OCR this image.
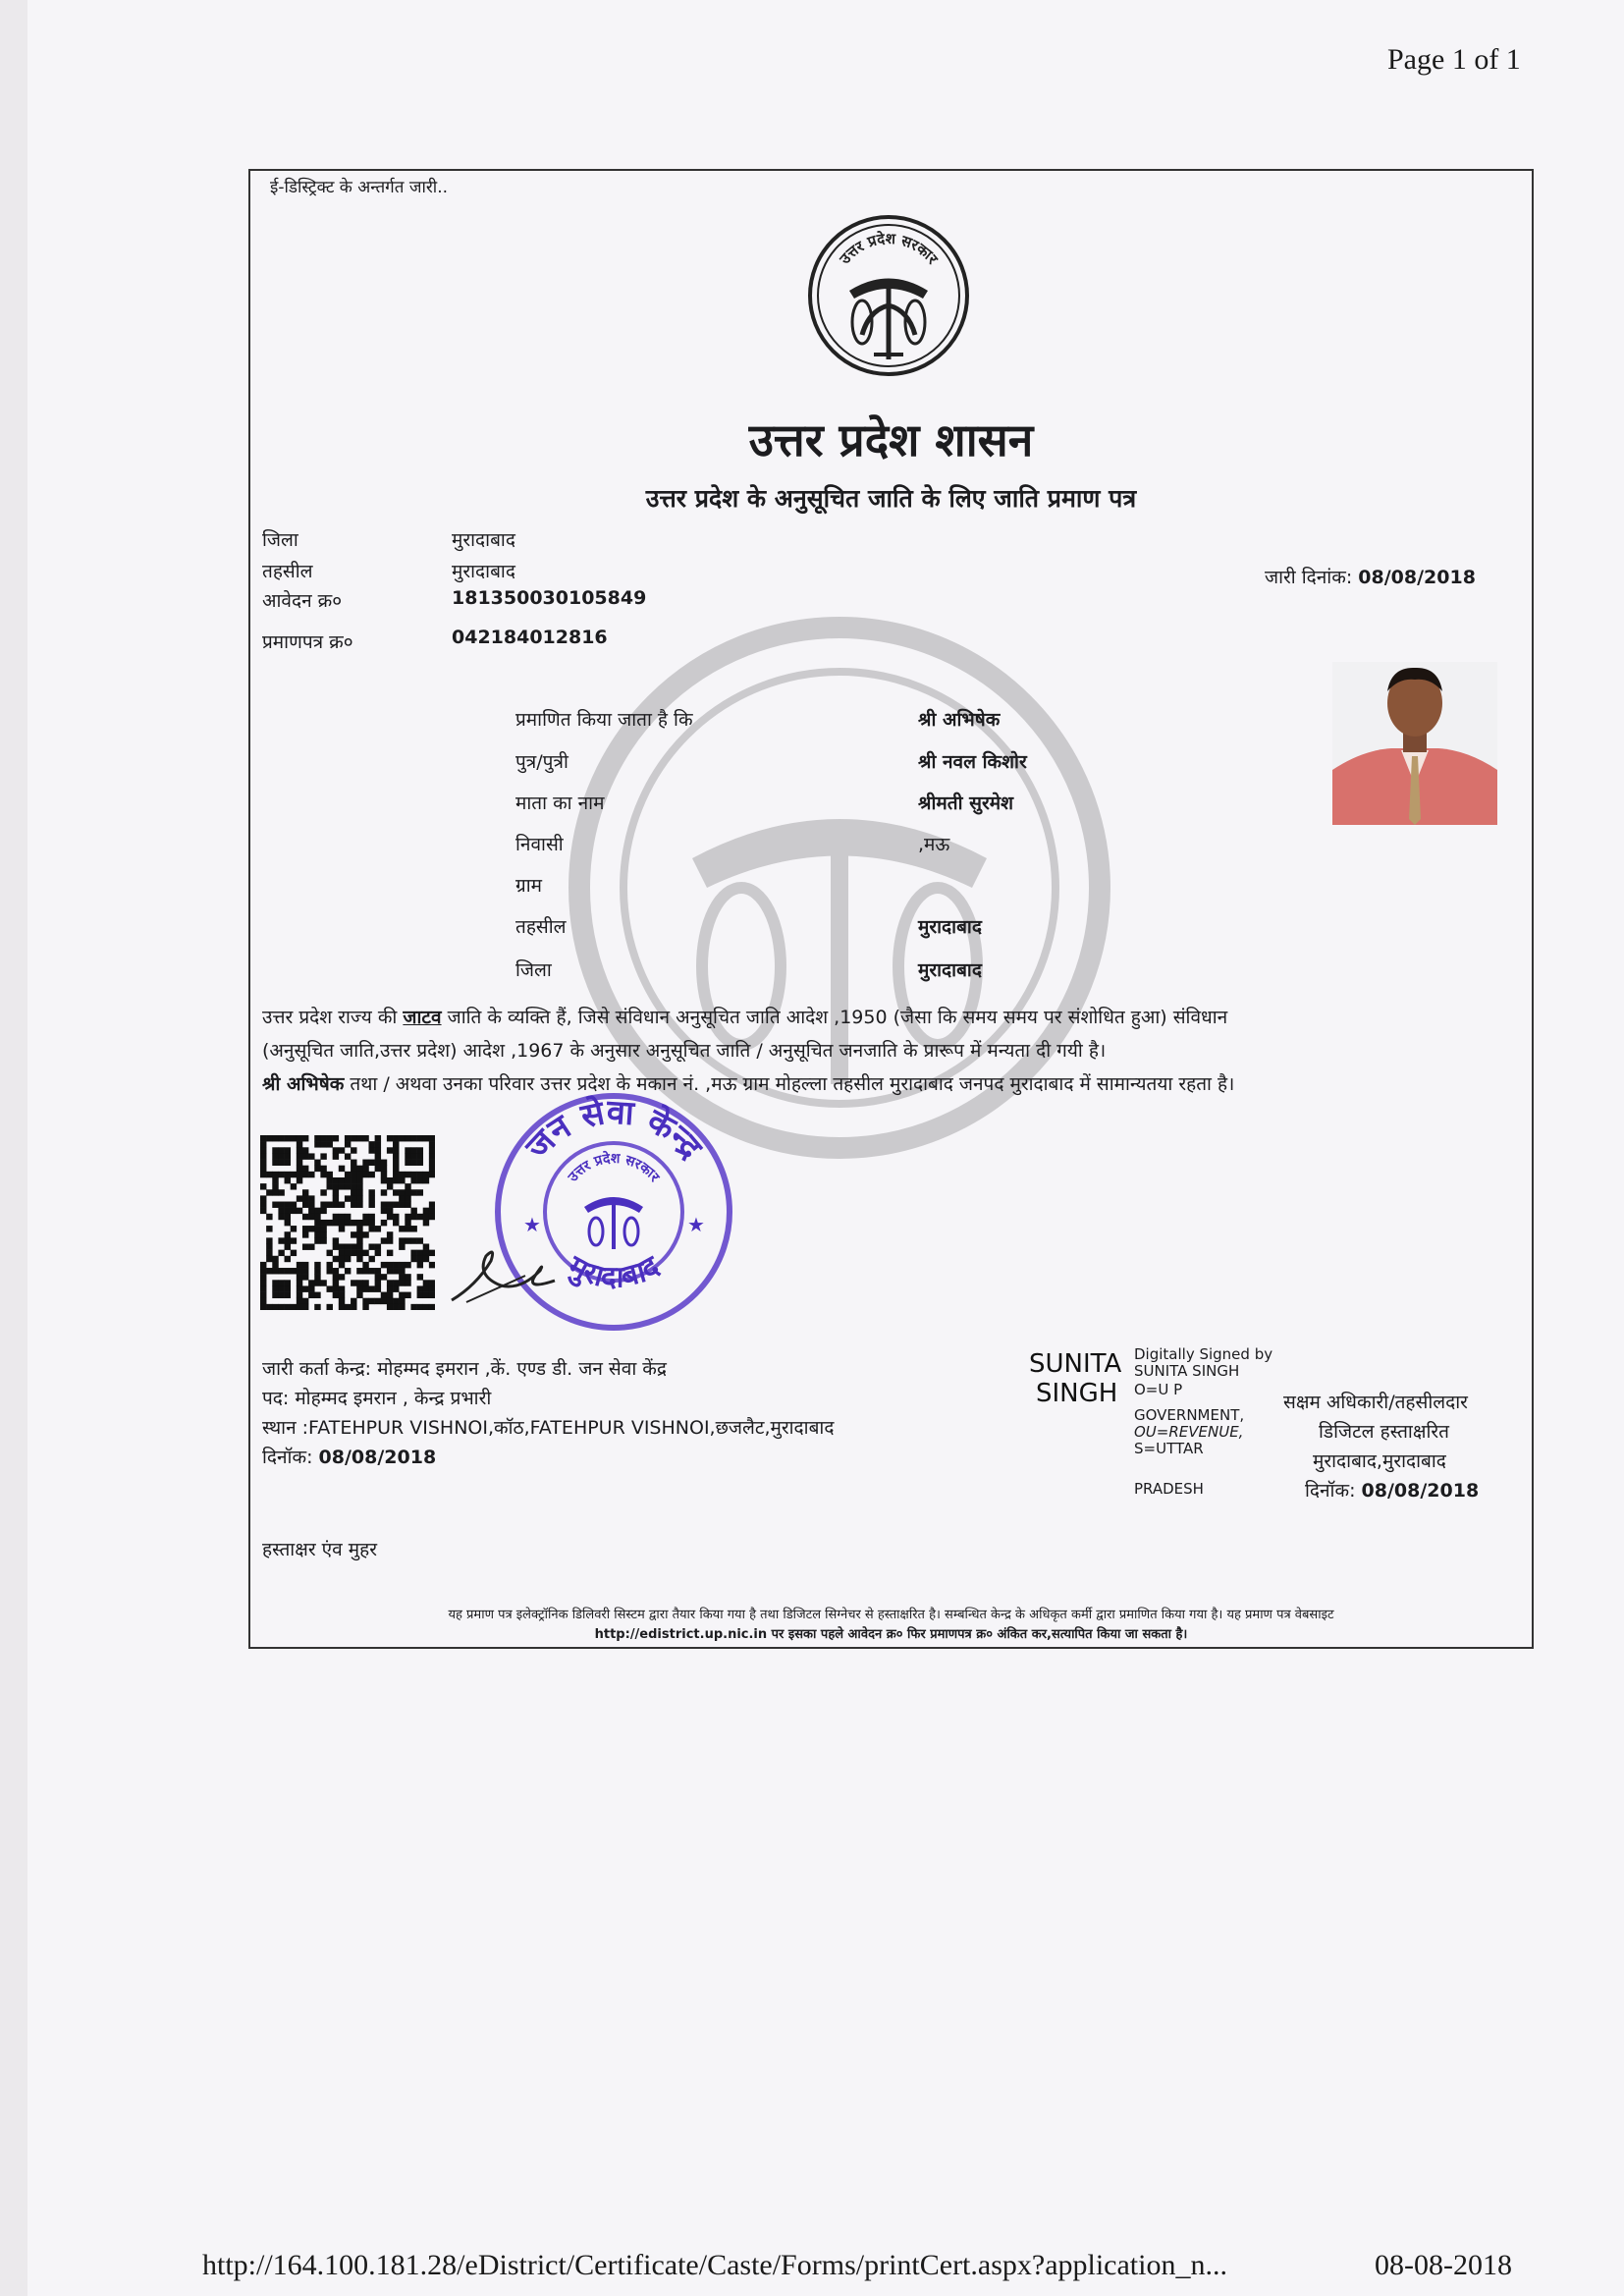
Page 1 of 1
ई-डिस्ट्रिक्ट के अन्तर्गत जारी..
उत्तर प्रदेश सरकार
उत्तर प्रदेश शासन
उत्तर प्रदेश के अनुसूचित जाति के लिए जाति प्रमाण पत्र
जिला	मुरादाबाद
तहसील	मुरादाबाद
आवेदन क्र०	181350030105849
प्रमाणपत्र क्र०	042184012816
जारी दिनांक: 08/08/2018
प्रमाणित किया जाता है कि	श्री अभिषेक
पुत्र/पुत्री	श्री नवल किशोर
माता का नाम	श्रीमती सुरमेश
निवासी	,मऊ
ग्राम
तहसील	मुरादाबाद
जिला	मुरादाबाद
उत्तर प्रदेश राज्य की जाटव जाति के व्यक्ति हैं, जिसे संविधान अनुसूचित जाति आदेश ,1950 (जैसा कि समय समय पर संशोधित हुआ) संविधान
(अनुसूचित जाति,उत्तर प्रदेश) आदेश ,1967 के अनुसार अनुसूचित जाति / अनुसूचित जनजाति के प्रारूप में मन्यता दी गयी है।
श्री अभिषेक तथा / अथवा उनका परिवार उत्तर प्रदेश के मकान नं. ,मऊ ग्राम मोहल्ला तहसील मुरादाबाद जनपद मुरादाबाद में सामान्यतया रहता है।
जन सेवा केन्द्र
उत्तर प्रदेश सरकार
मुरादाबाद
★	★
जारी कर्ता केन्द्र: मोहम्मद इमरान ,कें. एण्ड डी. जन सेवा केंद्र
पद: मोहम्मद इमरान , केन्द्र प्रभारी
स्थान :FATEHPUR VISHNOI,कॉठ,FATEHPUR VISHNOI,छजलैट,मुरादाबाद
दिनॉक: 08/08/2018
SUNITA
SINGH
Digitally Signed by
SUNITA SINGH
O=U P
GOVERNMENT,
OU=REVENUE,
S=UTTAR
PRADESH
सक्षम अधिकारी/तहसीलदार
डिजिटल हस्ताक्षरित
मुरादाबाद,मुरादाबाद
दिनॉक: 08/08/2018
हस्ताक्षर एंव मुहर
यह प्रमाण पत्र इलेक्ट्रॉनिक डिलिवरी सिस्टम द्वारा तैयार किया गया है तथा डिजिटल सिग्नेचर से हस्ताक्षरित है। सम्बन्धित केन्द्र के अधिकृत कर्मी द्वारा प्रमाणित किया गया है। यह प्रमाण पत्र वेबसाइट
http://edistrict.up.nic.in पर इसका पहले आवेदन क्र० फिर प्रमाणपत्र क्र० अंकित कर,सत्यापित किया जा सकता है।
http://164.100.181.28/eDistrict/Certificate/Caste/Forms/printCert.aspx?application_n...	08-08-2018
